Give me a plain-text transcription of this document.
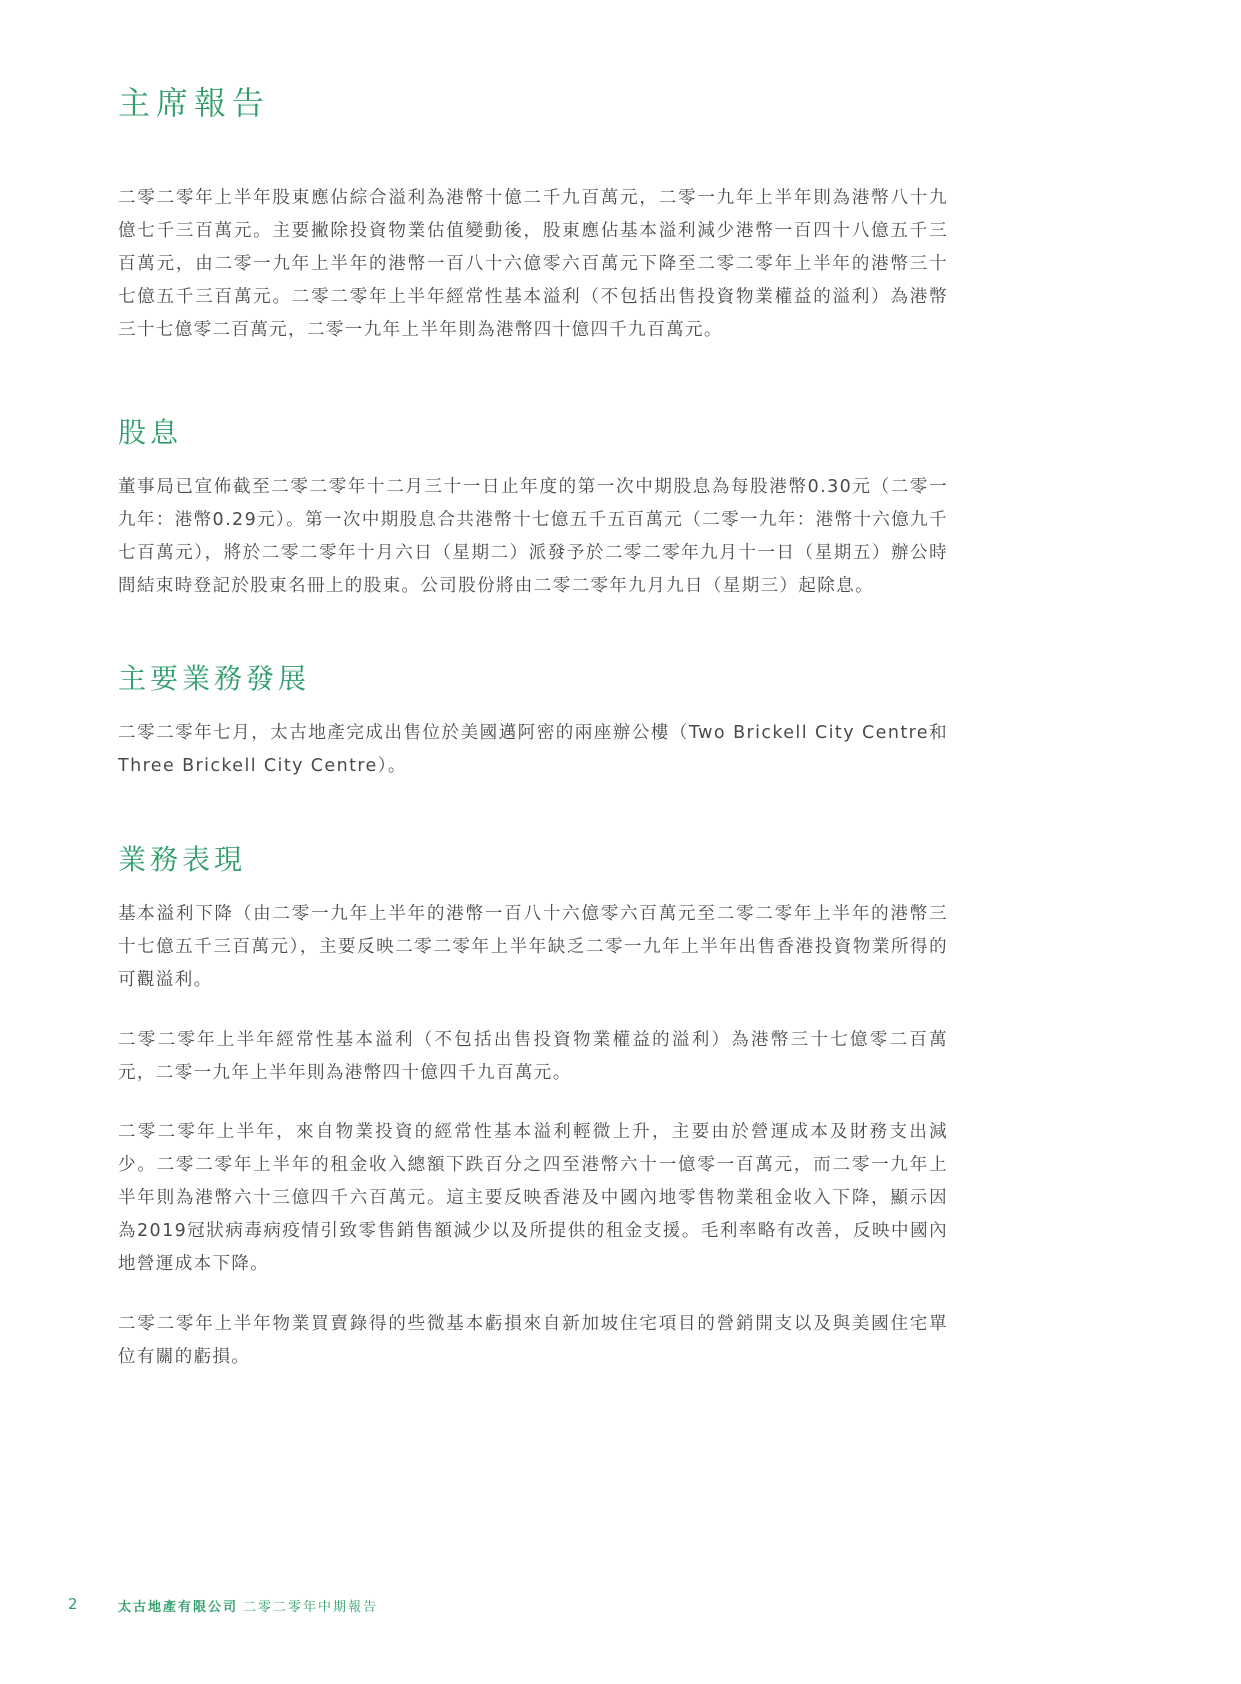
主席報告

二零二零年上半年股東應佔綜合溢利為港幣十億二千九百萬元，二零一九年上半年則為港幣八十九億七千三百萬元。主要撇除投資物業估值變動後，股東應佔基本溢利減少港幣一百四十八億五千三百萬元，由二零一九年上半年的港幣一百八十六億零六百萬元下降至二零二零年上半年的港幣三十七億五千三百萬元。二零二零年上半年經常性基本溢利（不包括出售投資物業權益的溢利）為港幣三十七億零二百萬元，二零一九年上半年則為港幣四十億四千九百萬元。

股息

董事局已宣佈截至二零二零年十二月三十一日止年度的第一次中期股息為每股港幣0.30元（二零一九年：港幣0.29元）。第一次中期股息合共港幣十七億五千五百萬元（二零一九年：港幣十六億九千七百萬元），將於二零二零年十月六日（星期二）派發予於二零二零年九月十一日（星期五）辦公時間結束時登記於股東名冊上的股東。公司股份將由二零二零年九月九日（星期三）起除息。

主要業務發展

二零二零年七月，太古地產完成出售位於美國邁阿密的兩座辦公樓（Two Brickell City Centre和Three Brickell City Centre）。

業務表現

基本溢利下降（由二零一九年上半年的港幣一百八十六億零六百萬元至二零二零年上半年的港幣三十七億五千三百萬元），主要反映二零二零年上半年缺乏二零一九年上半年出售香港投資物業所得的可觀溢利。

二零二零年上半年經常性基本溢利（不包括出售投資物業權益的溢利）為港幣三十七億零二百萬元，二零一九年上半年則為港幣四十億四千九百萬元。

二零二零年上半年，來自物業投資的經常性基本溢利輕微上升，主要由於營運成本及財務支出減少。二零二零年上半年的租金收入總額下跌百分之四至港幣六十一億零一百萬元，而二零一九年上半年則為港幣六十三億四千六百萬元。這主要反映香港及中國內地零售物業租金收入下降，顯示因為2019冠狀病毒病疫情引致零售銷售額減少以及所提供的租金支援。毛利率略有改善，反映中國內地營運成本下降。

二零二零年上半年物業買賣錄得的些微基本虧損來自新加坡住宅項目的營銷開支以及與美國住宅單位有關的虧損。

2	太古地產有限公司 二零二零年中期報告
